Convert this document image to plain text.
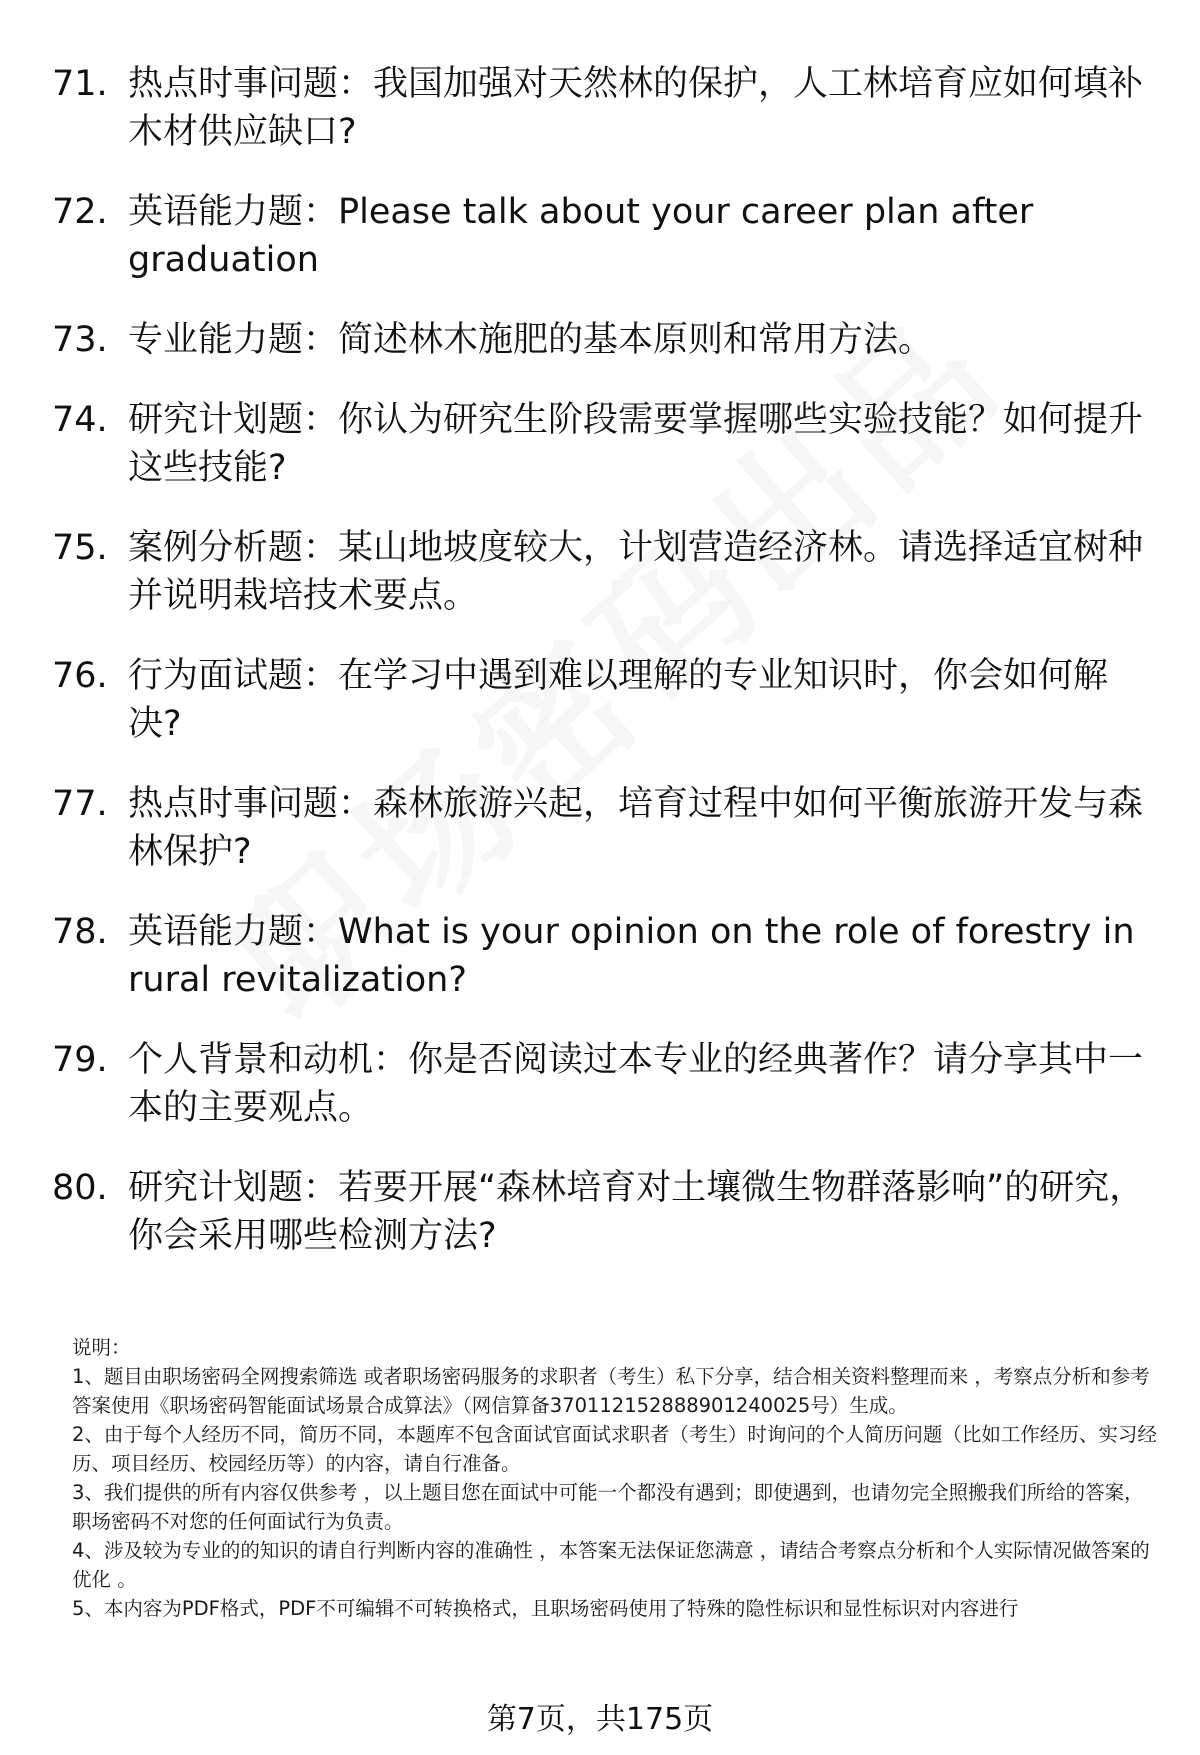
71. 热点时事问题：我国加强对天然林的保护，人工林培育应如何填补木材供应缺口?
72. 英语能力题：Please talk about your career plan after graduation
73. 专业能力题：简述林木施肥的基本原则和常用方法。
74. 研究计划题：你认为研究生阶段需要掌握哪些实验技能？如何提升这些技能?
75. 案例分析题：某山地坡度较大，计划营造经济林。请选择适宜树种并说明栽培技术要点。
76. 行为面试题：在学习中遇到难以理解的专业知识时，你会如何解决?
77. 热点时事问题：森林旅游兴起，培育过程中如何平衡旅游开发与森林保护?
78. 英语能力题：What is your opinion on the role of forestry in rural revitalization?
79. 个人背景和动机：你是否阅读过本专业的经典著作？请分享其中一本的主要观点。
80. 研究计划题：若要开展“森林培育对土壤微生物群落影响”的研究，你会采用哪些检测方法?

说明：

1、题目由职场密码全网搜索筛选 或者职场密码服务的求职者（考生）私下分享，结合相关资料整理而来 ，考察点分析和参考答案使用《职场密码智能面试场景合成算法》（网信算备370112152888901240025号）生成。

2、由于每个人经历不同，简历不同，本题库不包含面试官面试求职者（考生）时询问的个人简历问题（比如工作经历、实习经历、项目经历、校园经历等）的内容，请自行准备。

3、我们提供的所有内容仅供参考 ，以上题目您在面试中可能一个都没有遇到；即使遇到，也请勿完全照搬我们所给的答案，职场密码不对您的任何面试行为负责。

4、涉及较为专业的的知识的请自行判断内容的准确性 ，本答案无法保证您满意 ，请结合考察点分析和个人实际情况做答案的优化 。

5、本内容为PDF格式，PDF不可编辑不可转换格式，且职场密码使用了特殊的隐性标识和显性标识对内容进行

第7页，共175页
